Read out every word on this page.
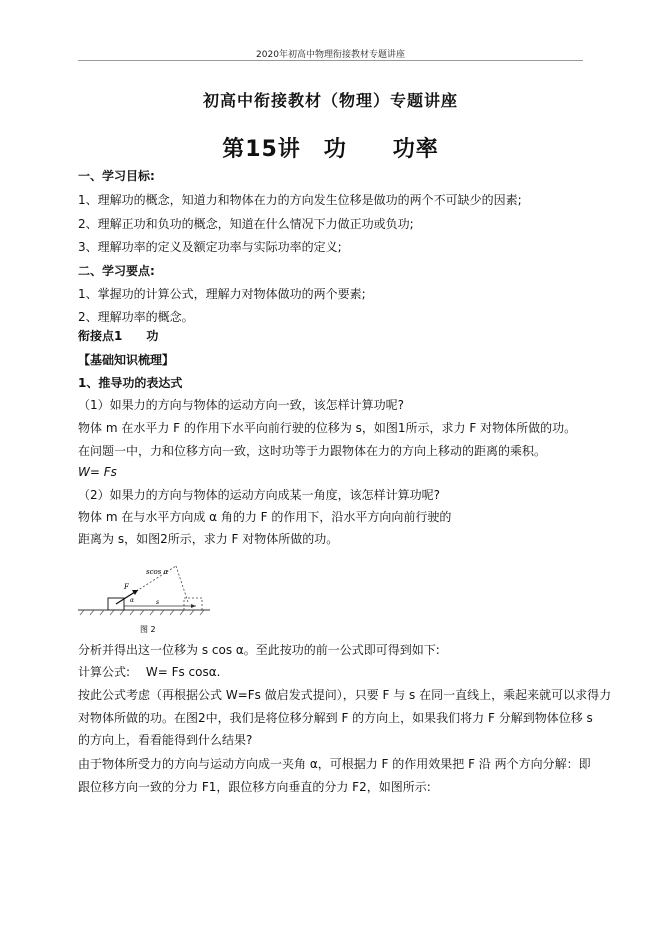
2020年初高中物理衔接教材专题讲座
初高中衔接教材（物理）专题讲座
第15讲　功　　功率
一、学习目标:
1、理解功的概念，知道力和物体在力的方向发生位移是做功的两个不可缺少的因素;
2、理解正功和负功的概念，知道在什么情况下力做正功或负功;
3、理解功率的定义及额定功率与实际功率的定义;
二、学习要点:
1、掌握功的计算公式，理解力对物体做功的两个要素;
2、理解功率的概念。
衔接点1　　功
【基础知识梳理】
1、推导功的表达式
（1）如果力的方向与物体的运动方向一致，该怎样计算功呢?
物体 m 在水平力 F 的作用下水平向前行驶的位移为 s，如图1所示，求力 F 对物体所做的功。
在问题一中，力和位移方向一致，这时功等于力跟物体在力的方向上移动的距离的乘积。
W= Fs
（2）如果力的方向与物体的运动方向成某一角度，该怎样计算功呢?
物体 m 在与水平方向成 α 角的力 F 的作用下，沿水平方向向前行驶的
距离为 s，如图2所示，求力 F 对物体所做的功。
scos α
F
α	s
图 2
分析并得出这一位移为 s cos α。至此按功的前一公式即可得到如下:
计算公式:　 W= Fs cosα.
按此公式考虑（再根据公式 W=Fs 做启发式提问），只要 F 与 s 在同一直线上，乘起来就可以求得力
对物体所做的功。在图2中，我们是将位移分解到 F 的方向上，如果我们将力 F 分解到物体位移 s
的方向上，看看能得到什么结果?
由于物体所受力的方向与运动方向成一夹角 α，可根据力 F 的作用效果把 F 沿 两个方向分解：即
跟位移方向一致的分力 F1，跟位移方向垂直的分力 F2，如图所示:
